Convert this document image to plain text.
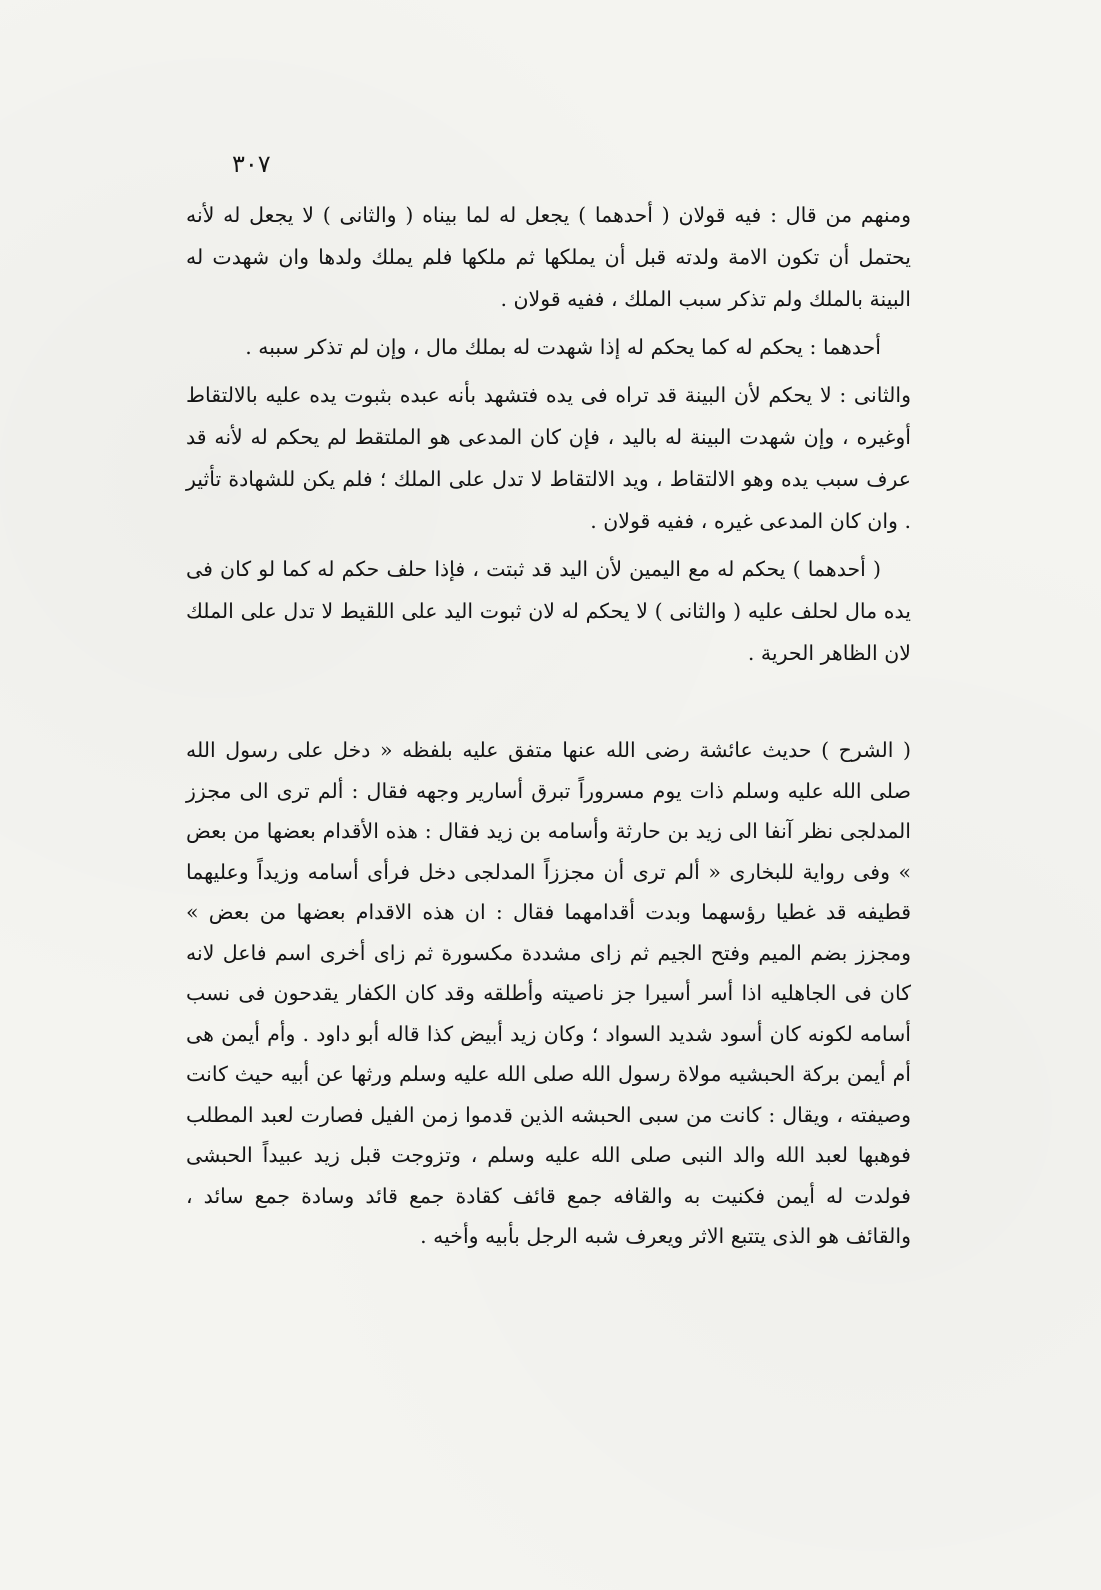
٣٠٧

ومنهم من قال : فيه قولان ( أحدهما ) يجعل له لما بيناه ( والثانى ) لا يجعل له لأنه يحتمل أن تكون الامة ولدته قبل أن يملكها ثم ملكها فلم يملك ولدها وان شهدت له البينة بالملك ولم تذكر سبب الملك ، ففيه قولان .

أحدهما : يحكم له كما يحكم له إذا شهدت له بملك مال ، وإن لم تذكر سببه .

والثانى : لا يحكم لأن البينة قد تراه فى يده فتشهد بأنه عبده بثبوت يده عليه بالالتقاط أوغيره ، وإن شهدت البينة له باليد ، فإن كان المدعى هو الملتقط لم يحكم له لأنه قد عرف سبب يده وهو الالتقاط ، ويد الالتقاط لا تدل على الملك ؛ فلم يكن للشهادة تأثير . وان كان المدعى غيره ، ففيه قولان .

( أحدهما ) يحكم له مع اليمين لأن اليد قد ثبتت ، فإذا حلف حكم له كما لو كان فى يده مال لحلف عليه ( والثانى ) لا يحكم له لان ثبوت اليد على اللقيط لا تدل على الملك لان الظاهر الحرية .

( الشرح ) حديث عائشة رضى الله عنها متفق عليه بلفظه « دخل على رسول الله صلى الله عليه وسلم ذات يوم مسروراً تبرق أسارير وجهه فقال : ألم ترى الى مجزز المدلجى نظر آنفا الى زيد بن حارثة وأسامه بن زيد فقال : هذه الأقدام بعضها من بعض » وفى رواية للبخارى « ألم ترى أن مجززاً المدلجى دخل فرأى أسامه وزيداً وعليهما قطيفه قد غطيا رؤسهما وبدت أقدامهما فقال : ان هذه الاقدام بعضها من بعض » ومجزز بضم الميم وفتح الجيم ثم زاى مشددة مكسورة ثم زاى أخرى اسم فاعل لانه كان فى الجاهليه اذا أسر أسيرا جز ناصيته وأطلقه وقد كان الكفار يقدحون فى نسب أسامه لكونه كان أسود شديد السواد ؛ وكان زيد أبيض كذا قاله أبو داود . وأم أيمن هى أم أيمن بركة الحبشيه مولاة رسول الله صلى الله عليه وسلم ورثها عن أبيه حيث كانت وصيفته ، ويقال : كانت من سبى الحبشه الذين قدموا زمن الفيل فصارت لعبد المطلب فوهبها لعبد الله والد النبى صلى الله عليه وسلم ، وتزوجت قبل زيد عبيداً الحبشى فولدت له أيمن فكنيت به والقافه جمع قائف كقادة جمع قائد وسادة جمع سائد ، والقائف هو الذى يتتبع الاثر ويعرف شبه الرجل بأبيه وأخيه .
